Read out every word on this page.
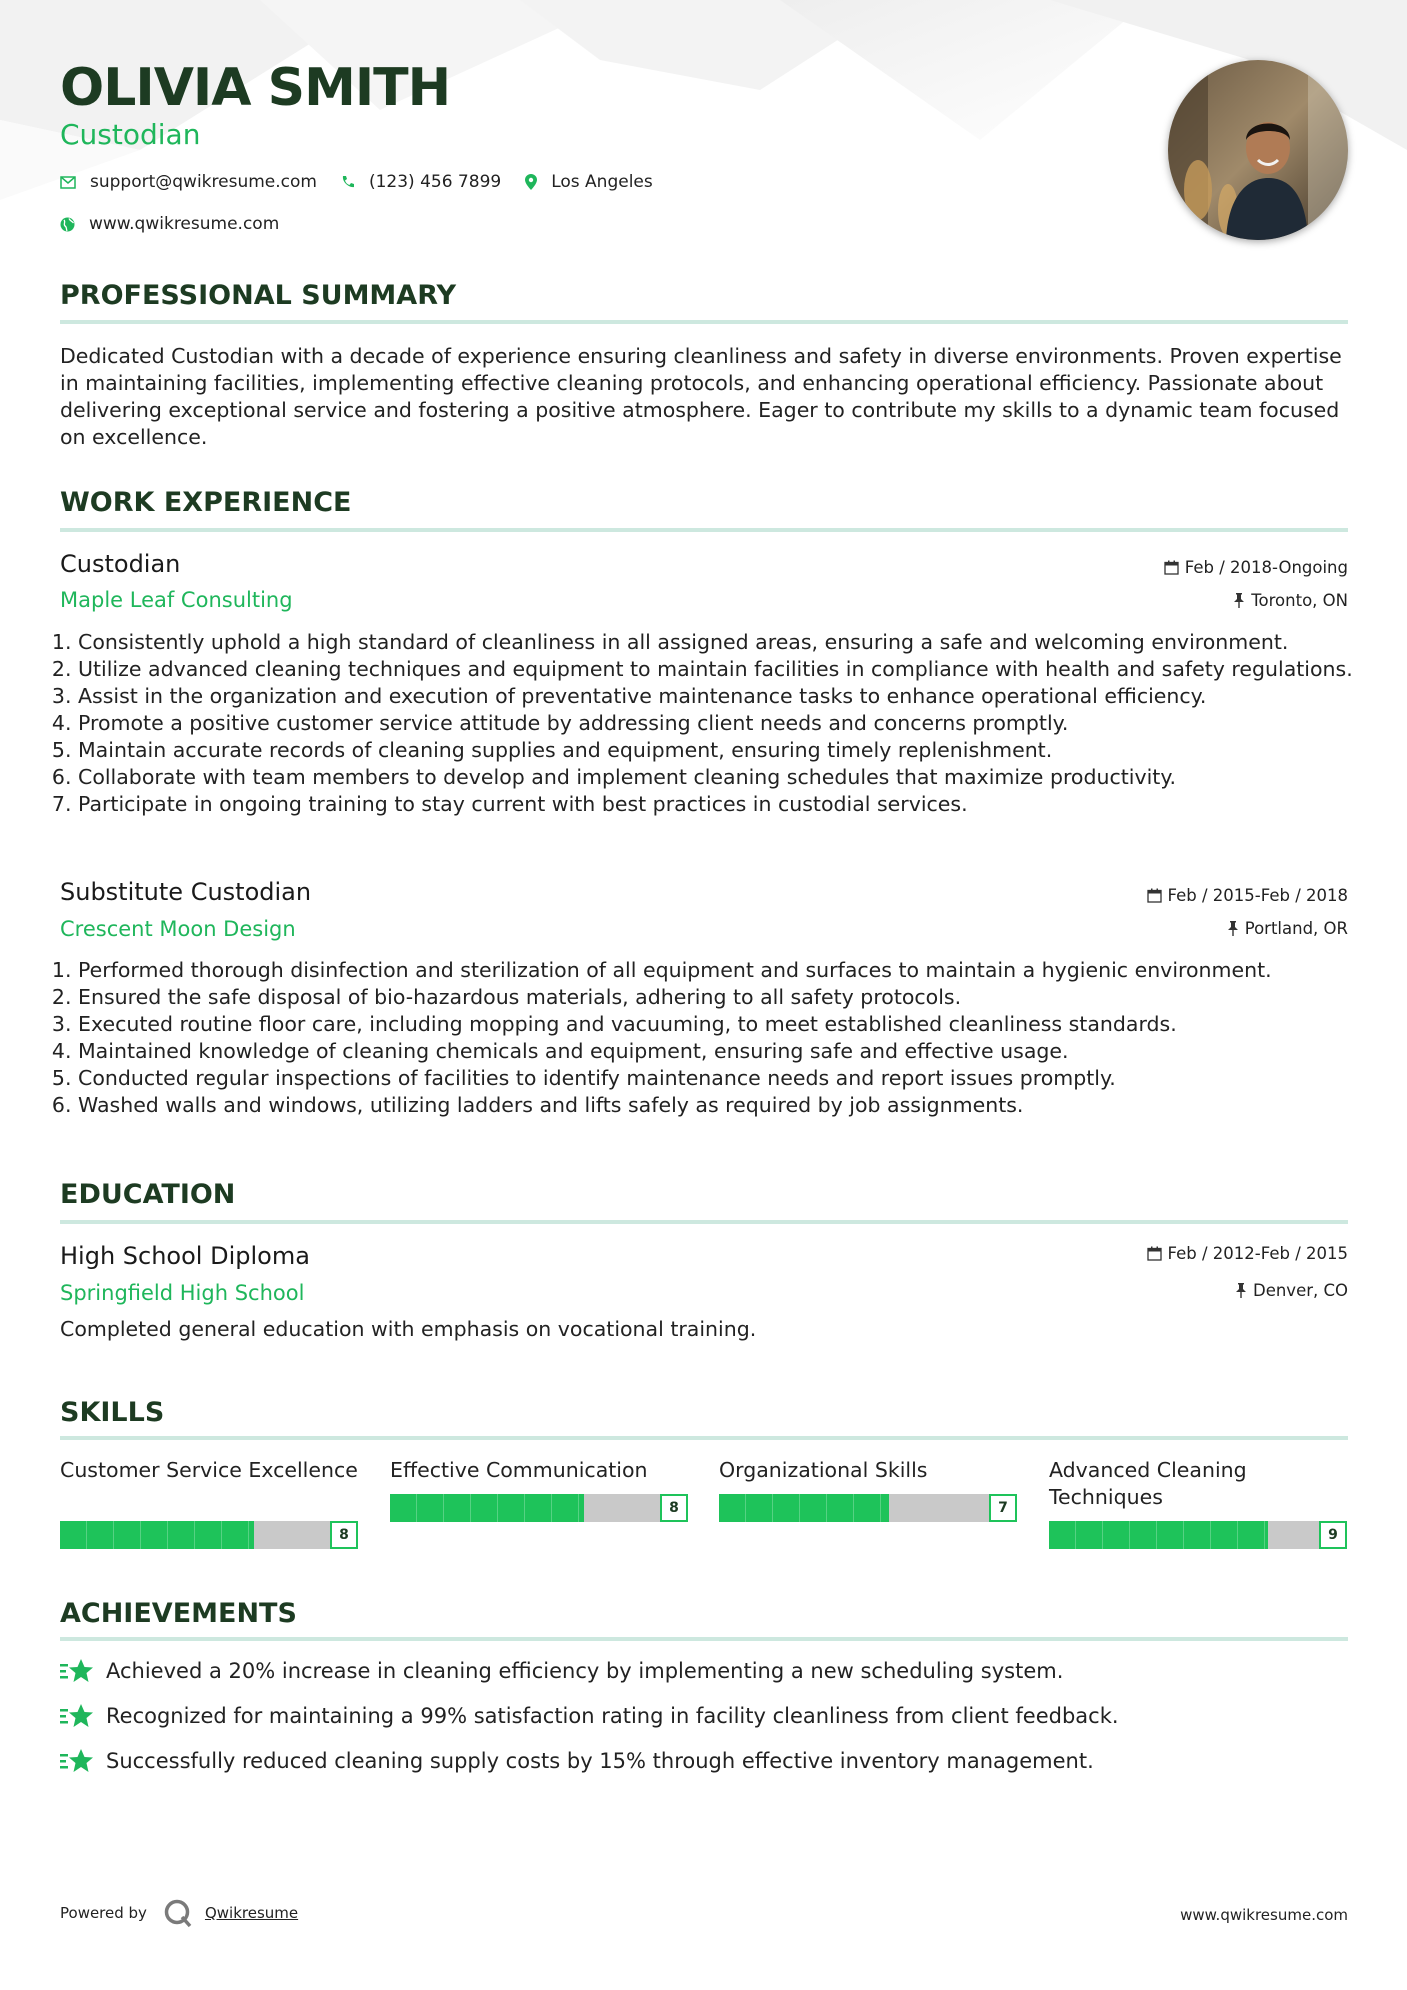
OLIVIA SMITH
Custodian
support@qwikresume.com	(123) 456 7899	Los Angeles
www.qwikresume.com
PROFESSIONAL SUMMARY

Dedicated Custodian with a decade of experience ensuring cleanliness and safety in diverse environments. Proven expertise in maintaining facilities, implementing effective cleaning protocols, and enhancing operational efficiency. Passionate about delivering exceptional service and fostering a positive atmosphere. Eager to contribute my skills to a dynamic team focused on excellence.

WORK EXPERIENCE
Custodian
Maple Leaf Consulting
Feb / 2018-Ongoing
Toronto, ON
1. Consistently uphold a high standard of cleanliness in all assigned areas, ensuring a safe and welcoming environment.
2. Utilize advanced cleaning techniques and equipment to maintain facilities in compliance with health and safety regulations.
3. Assist in the organization and execution of preventative maintenance tasks to enhance operational efficiency.
4. Promote a positive customer service attitude by addressing client needs and concerns promptly.
5. Maintain accurate records of cleaning supplies and equipment, ensuring timely replenishment.
6. Collaborate with team members to develop and implement cleaning schedules that maximize productivity.
7. Participate in ongoing training to stay current with best practices in custodial services.
Substitute Custodian
Crescent Moon Design
Feb / 2015-Feb / 2018
Portland, OR
1. Performed thorough disinfection and sterilization of all equipment and surfaces to maintain a hygienic environment.
2. Ensured the safe disposal of bio-hazardous materials, adhering to all safety protocols.
3. Executed routine floor care, including mopping and vacuuming, to meet established cleanliness standards.
4. Maintained knowledge of cleaning chemicals and equipment, ensuring safe and effective usage.
5. Conducted regular inspections of facilities to identify maintenance needs and report issues promptly.
6. Washed walls and windows, utilizing ladders and lifts safely as required by job assignments.
EDUCATION
High School Diploma
Springfield High School
Feb / 2012-Feb / 2015
Denver, CO

Completed general education with emphasis on vocational training.

SKILLS
Customer Service Excellence
8
Effective Communication
8
Organizational Skills
7
Advanced Cleaning Techniques
9
ACHIEVEMENTS
Achieved a 20% increase in cleaning efficiency by implementing a new scheduling system.
Recognized for maintaining a 99% satisfaction rating in facility cleanliness from client feedback.
Successfully reduced cleaning supply costs by 15% through effective inventory management.
Powered by	Qwikresume	www.qwikresume.com
